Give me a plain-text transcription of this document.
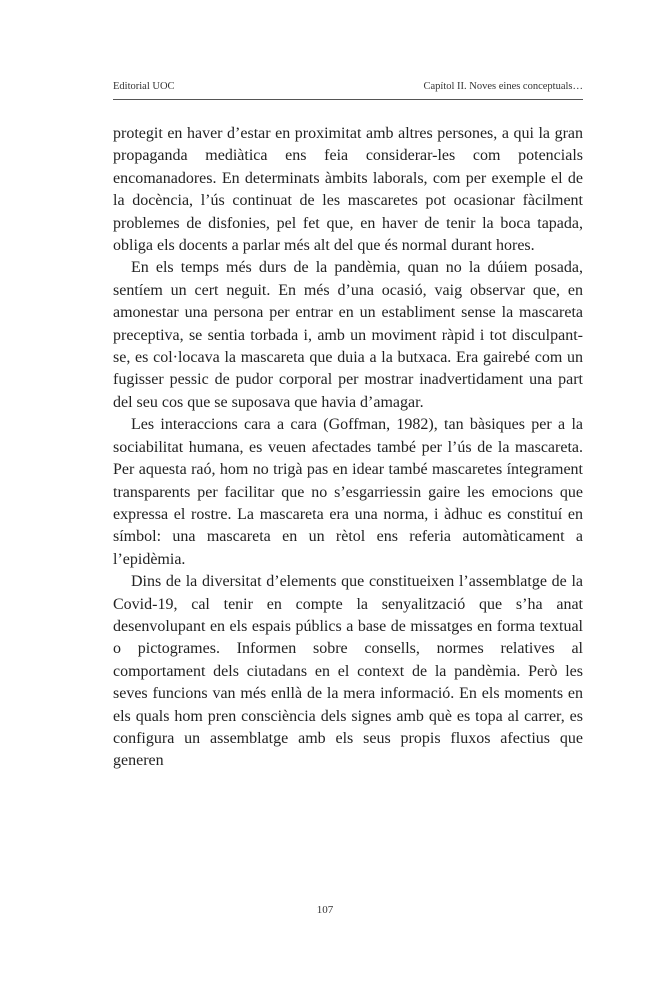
Editorial UOC	Capítol II. Noves eines conceptuals…

protegit en haver d’estar en proximitat amb altres persones, a qui la gran propaganda mediàtica ens feia considerar-les com potencials encomanadores. En determinats àmbits laborals, com per exemple el de la docència, l’ús continuat de les mascaretes pot ocasionar fàcilment problemes de disfonies, pel fet que, en haver de tenir la boca tapada, obliga els docents a parlar més alt del que és normal durant hores.

En els temps més durs de la pandèmia, quan no la dúiem posada, sentíem un cert neguit. En més d’una ocasió, vaig observar que, en amonestar una persona per entrar en un establiment sense la mascareta preceptiva, se sentia torbada i, amb un moviment ràpid i tot disculpant-se, es col·locava la mascareta que duia a la butxaca. Era gairebé com un fugisser pessic de pudor corporal per mostrar inadvertidament una part del seu cos que se suposava que havia d’amagar.

Les interaccions cara a cara (Goffman, 1982), tan bàsiques per a la sociabilitat humana, es veuen afectades també per l’ús de la mascareta. Per aquesta raó, hom no trigà pas en idear també mascaretes íntegrament transparents per facilitar que no s’esgarriessin gaire les emocions que expressa el rostre. La mascareta era una norma, i àdhuc es constituí en símbol: una mascareta en un rètol ens referia automàticament a l’epidèmia.

Dins de la diversitat d’elements que constitueixen l’assemblatge de la Covid-19, cal tenir en compte la senyalització que s’ha anat desenvolupant en els espais públics a base de missatges en forma textual o pictogrames. Informen sobre consells, normes relatives al comportament dels ciutadans en el context de la pandèmia. Però les seves funcions van més enllà de la mera informació. En els moments en els quals hom pren consciència dels signes amb què es topa al carrer, es configura un assemblatge amb els seus propis fluxos afectius que generen

107
